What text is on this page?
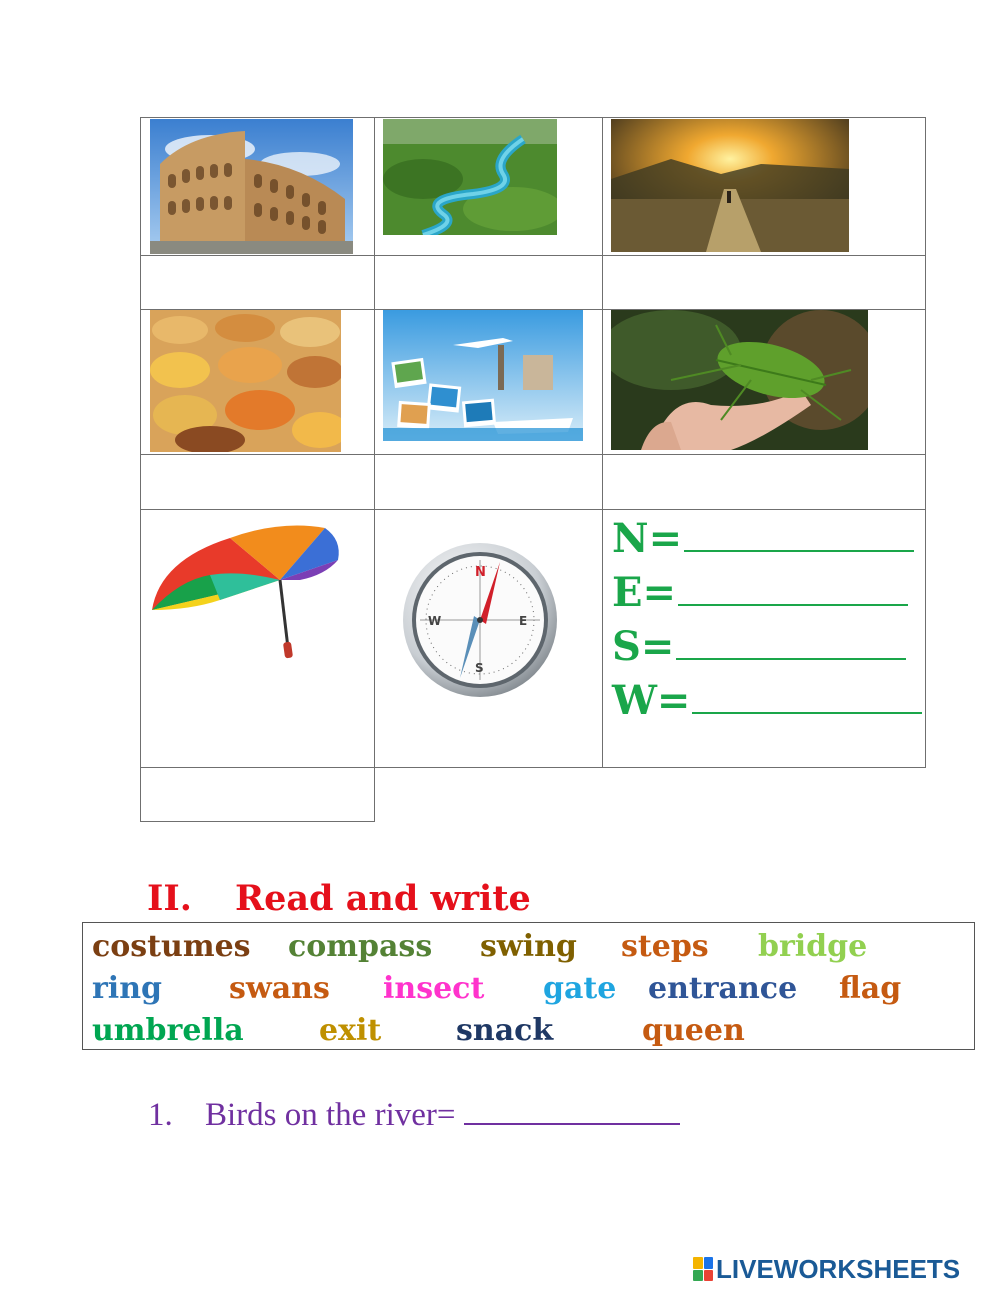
N
E
S
W
N=
E=
S=
W=
II. Read and write
costumes compass swing steps bridge
ring swans insect gate entrance flag
umbrella	exit snack	queen
1. Birds on the river=
LIVEWORKSHEETS
